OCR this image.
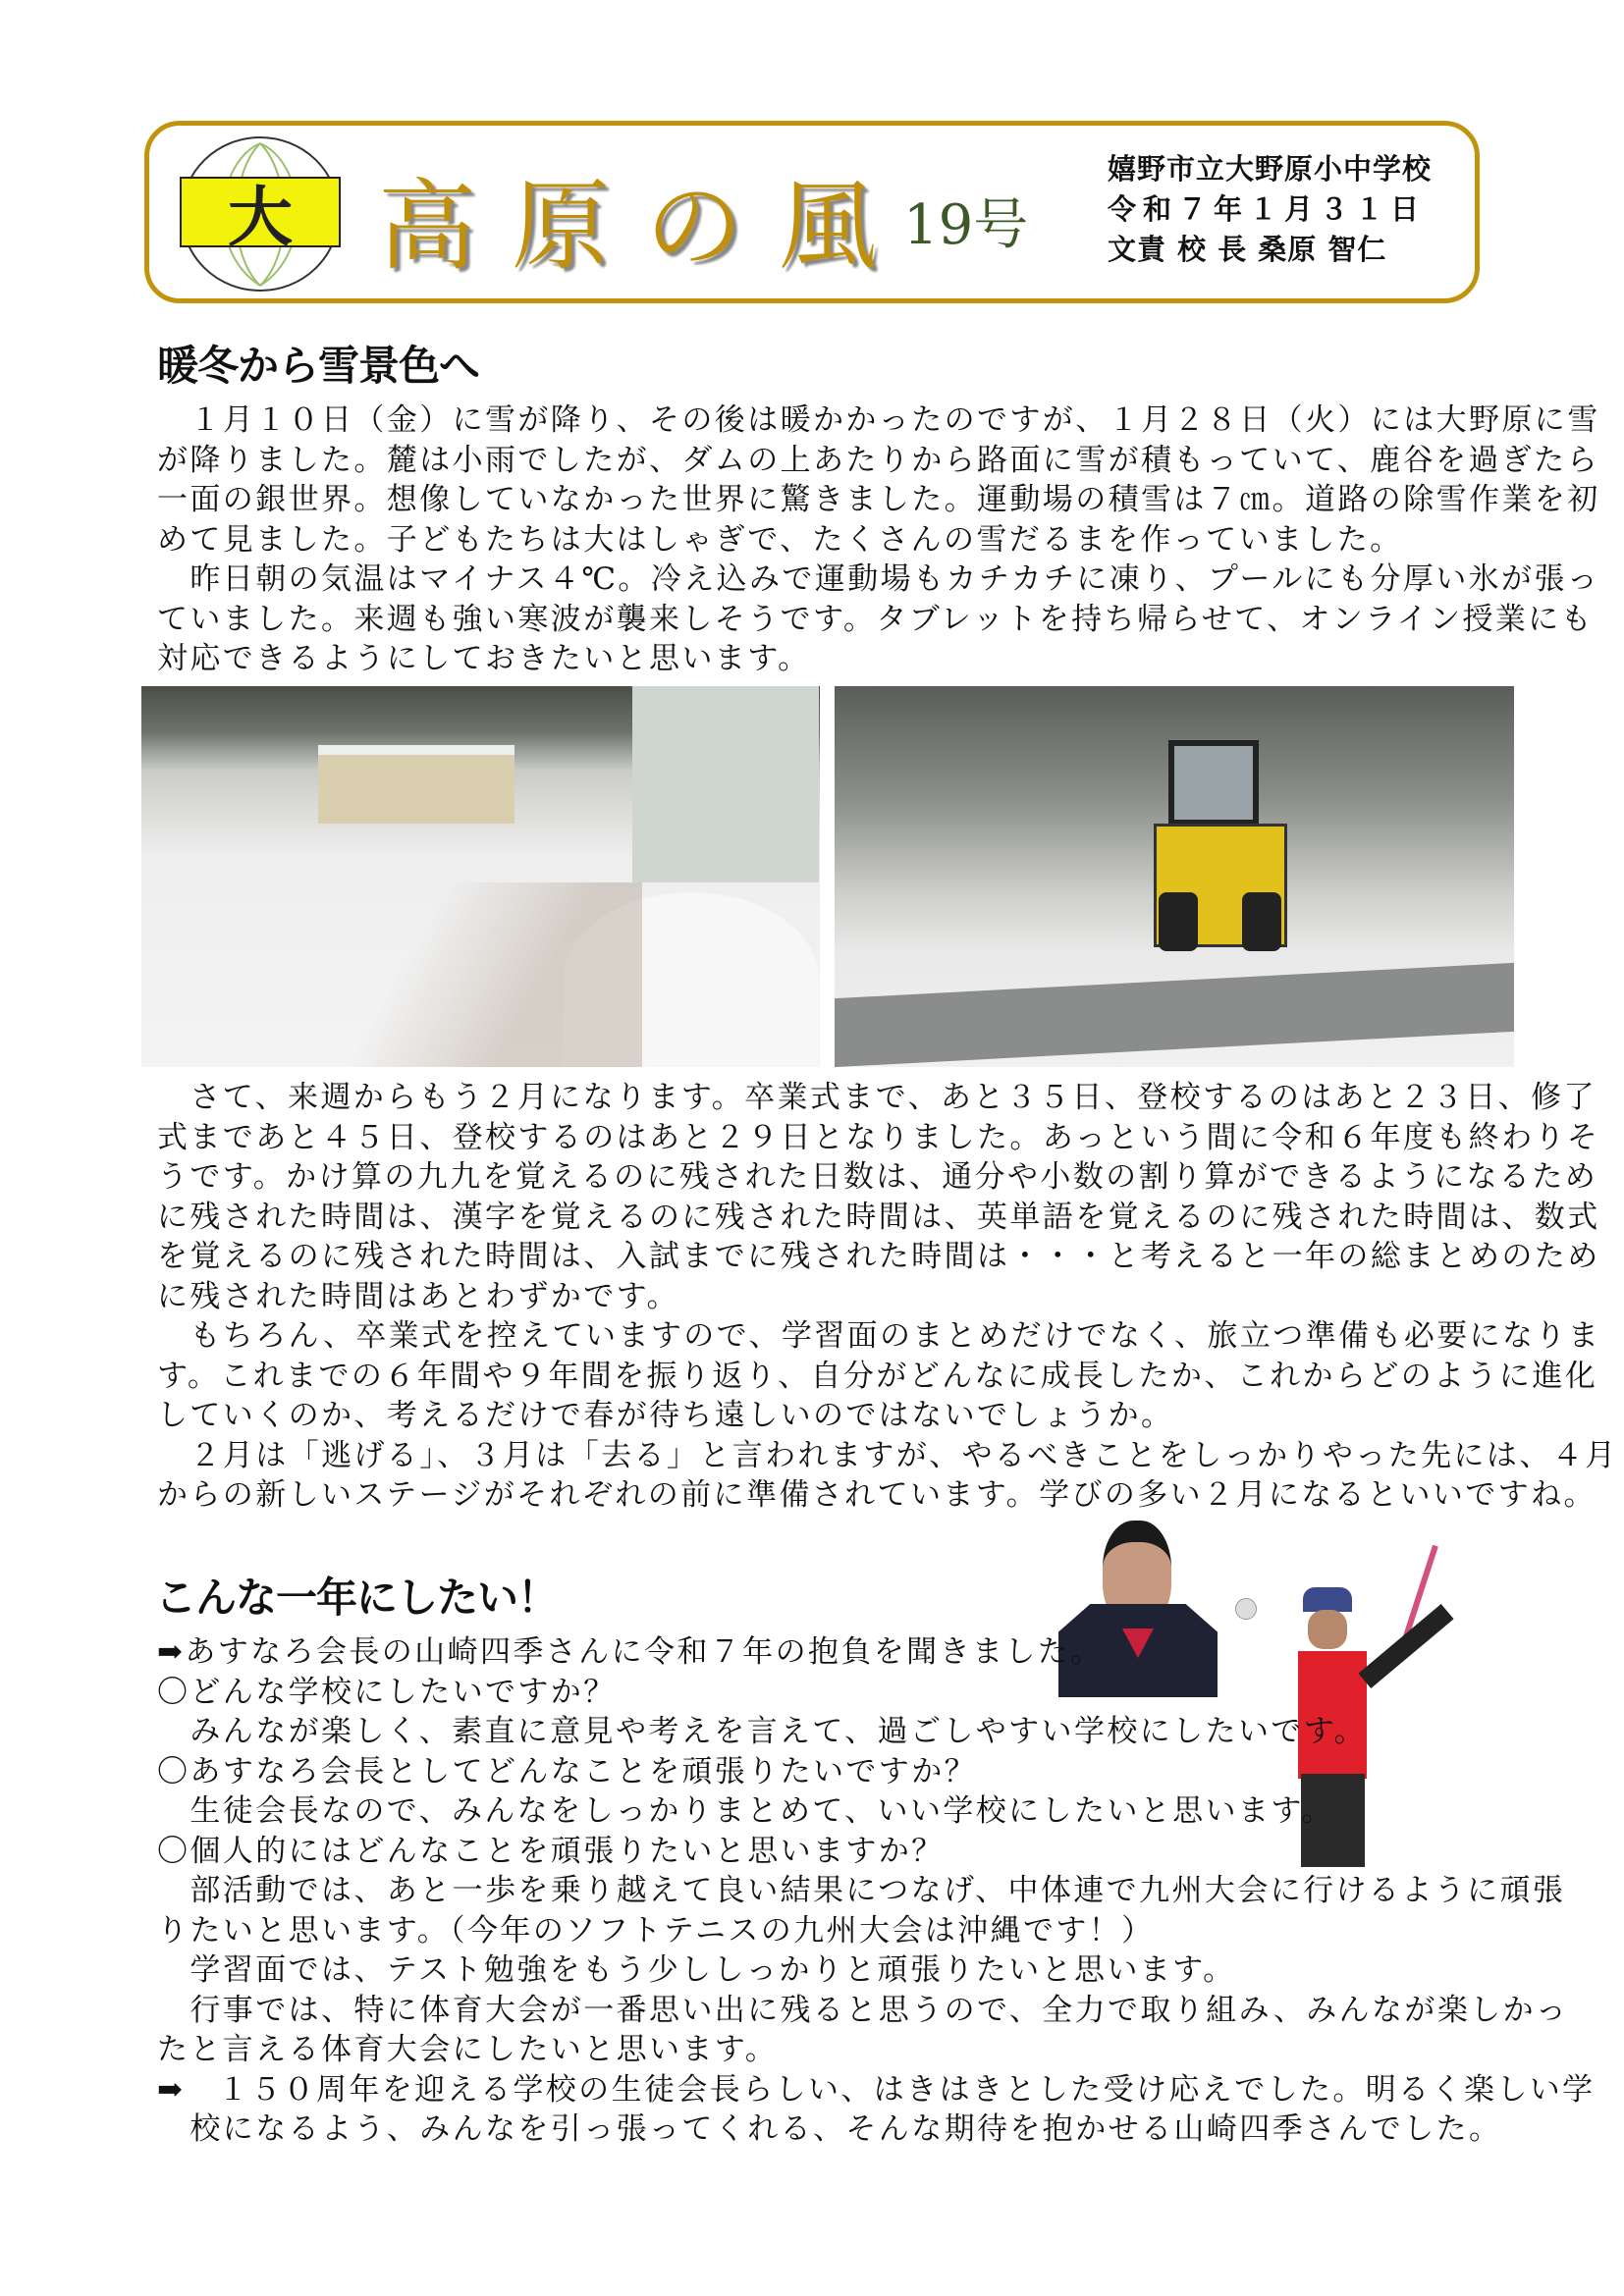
大 高原の風
19号
嬉野市立大野原小中学校
令和７年１月３１日
文責 校 長 桑原 智仁
暖冬から雪景色へ
　１月１０日（金）に雪が降り、その後は暖かかったのですが、１月２８日（火）には大野原に雪
が降りました。麓は小雨でしたが、ダムの上あたりから路面に雪が積もっていて、鹿谷を過ぎたら
一面の銀世界。想像していなかった世界に驚きました。運動場の積雪は７㎝。道路の除雪作業を初
めて見ました。子どもたちは大はしゃぎで、たくさんの雪だるまを作っていました。
　昨日朝の気温はマイナス４℃。冷え込みで運動場もカチカチに凍り、プールにも分厚い氷が張っ
ていました。来週も強い寒波が襲来しそうです。タブレットを持ち帰らせて、オンライン授業にも
対応できるようにしておきたいと思います。
　さて、来週からもう２月になります。卒業式まで、あと３５日、登校するのはあと２３日、修了
式まであと４５日、登校するのはあと２９日となりました。あっという間に令和６年度も終わりそ
うです。かけ算の九九を覚えるのに残された日数は、通分や小数の割り算ができるようになるため
に残された時間は、漢字を覚えるのに残された時間は、英単語を覚えるのに残された時間は、数式
を覚えるのに残された時間は、入試までに残された時間は・・・と考えると一年の総まとめのため
に残された時間はあとわずかです。
　もちろん、卒業式を控えていますので、学習面のまとめだけでなく、旅立つ準備も必要になりま
す。これまでの６年間や９年間を振り返り、自分がどんなに成長したか、これからどのように進化
していくのか、考えるだけで春が待ち遠しいのではないでしょうか。
　２月は「逃げる」、３月は「去る」と言われますが、やるべきことをしっかりやった先には、４月
からの新しいステージがそれぞれの前に準備されています。学びの多い２月になるといいですね。
こんな一年にしたい！
➡あすなろ会長の山崎四季さんに令和７年の抱負を聞きました。
〇どんな学校にしたいですか？
　みんなが楽しく、素直に意見や考えを言えて、過ごしやすい学校にしたいです。
〇あすなろ会長としてどんなことを頑張りたいですか？
　生徒会長なので、みんなをしっかりまとめて、いい学校にしたいと思います。
〇個人的にはどんなことを頑張りたいと思いますか？
　部活動では、あと一歩を乗り越えて良い結果につなげ、中体連で九州大会に行けるように頑張
りたいと思います。（今年のソフトテニスの九州大会は沖縄です！）
　学習面では、テスト勉強をもう少ししっかりと頑張りたいと思います。
　行事では、特に体育大会が一番思い出に残ると思うので、全力で取り組み、みんなが楽しかっ
たと言える体育大会にしたいと思います。
➡　１５０周年を迎える学校の生徒会長らしい、はきはきとした受け応えでした。明るく楽しい学
　校になるよう、みんなを引っ張ってくれる、そんな期待を抱かせる山崎四季さんでした。
